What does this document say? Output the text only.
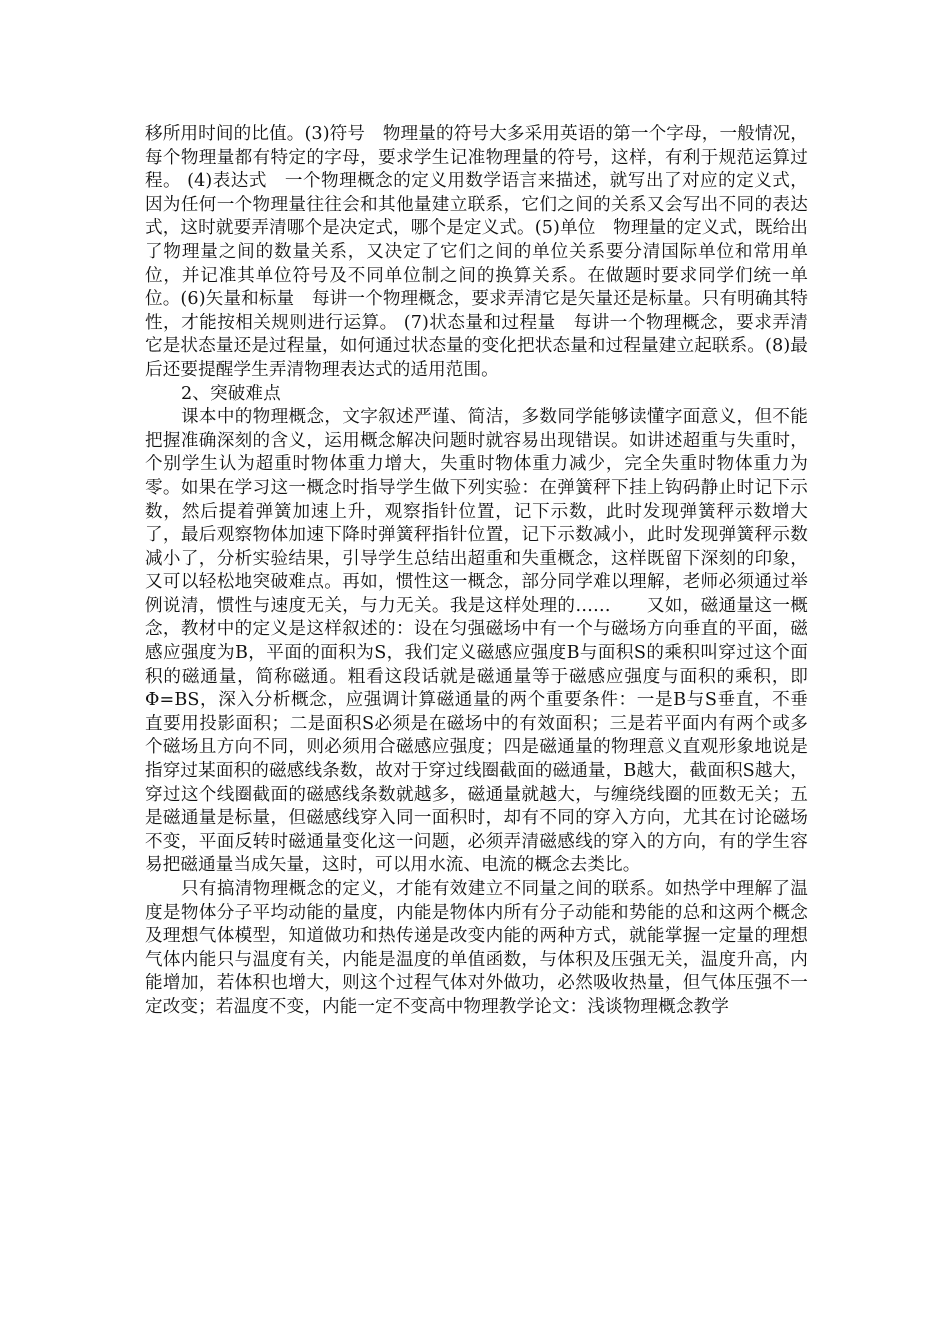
移所用时间的比值。(3)符号　物理量的符号大多采用英语的第一个字母，一般情况，每个物理量都有特定的字母，要求学生记准物理量的符号，这样，有利于规范运算过程。 (4)表达式　一个物理概念的定义用数学语言来描述，就写出了对应的定义式，因为任何一个物理量往往会和其他量建立联系，它们之间的关系又会写出不同的表达式，这时就要弄清哪个是决定式，哪个是定义式。(5)单位　物理量的定义式，既给出了物理量之间的数量关系，又决定了它们之间的单位关系要分清国际单位和常用单位，并记准其单位符号及不同单位制之间的换算关系。在做题时要求同学们统一单位。(6)矢量和标量　每讲一个物理概念，要求弄清它是矢量还是标量。只有明确其特性，才能按相关规则进行运算。 (7)状态量和过程量　每讲一个物理概念，要求弄清它是状态量还是过程量，如何通过状态量的变化把状态量和过程量建立起联系。(8)最后还要提醒学生弄清物理表达式的适用范围。

2、突破难点

课本中的物理概念，文字叙述严谨、简洁，多数同学能够读懂字面意义，但不能把握准确深刻的含义，运用概念解决问题时就容易出现错误。如讲述超重与失重时，个别学生认为超重时物体重力增大，失重时物体重力减少，完全失重时物体重力为零。如果在学习这一概念时指导学生做下列实验：在弹簧秤下挂上钩码静止时记下示数，然后提着弹簧加速上升，观察指针位置，记下示数，此时发现弹簧秤示数增大了，最后观察物体加速下降时弹簧秤指针位置，记下示数减小，此时发现弹簧秤示数减小了，分析实验结果，引导学生总结出超重和失重概念，这样既留下深刻的印象，又可以轻松地突破难点。再如，惯性这一概念，部分同学难以理解，老师必须通过举例说清，惯性与速度无关，与力无关。我是这样处理的……　　又如，磁通量这一概念，教材中的定义是这样叙述的：设在匀强磁场中有一个与磁场方向垂直的平面，磁感应强度为B，平面的面积为S，我们定义磁感应强度B与面积S的乘积叫穿过这个面积的磁通量，简称磁通。粗看这段话就是磁通量等于磁感应强度与面积的乘积，即 Φ=BS，深入分析概念，应强调计算磁通量的两个重要条件：一是B与S垂直，不垂直要用投影面积；二是面积S必须是在磁场中的有效面积；三是若平面内有两个或多个磁场且方向不同，则必须用合磁感应强度；四是磁通量的物理意义直观形象地说是指穿过某面积的磁感线条数，故对于穿过线圈截面的磁通量，B越大，截面积S越大，穿过这个线圈截面的磁感线条数就越多，磁通量就越大，与缠绕线圈的匝数无关；五是磁通量是标量，但磁感线穿入同一面积时，却有不同的穿入方向，尤其在讨论磁场不变，平面反转时磁通量变化这一问题，必须弄清磁感线的穿入的方向，有的学生容易把磁通量当成矢量，这时，可以用水流、电流的概念去类比。

只有搞清物理概念的定义，才能有效建立不同量之间的联系。如热学中理解了温度是物体分子平均动能的量度，内能是物体内所有分子动能和势能的总和这两个概念及理想气体模型，知道做功和热传递是改变内能的两种方式，就能掌握一定量的理想气体内能只与温度有关，内能是温度的单值函数，与体积及压强无关，温度升高，内能增加，若体积也增大，则这个过程气体对外做功，必然吸收热量，但气体压强不一定改变；若温度不变，内能一定不变高中物理教学论文：浅谈物理概念教学
